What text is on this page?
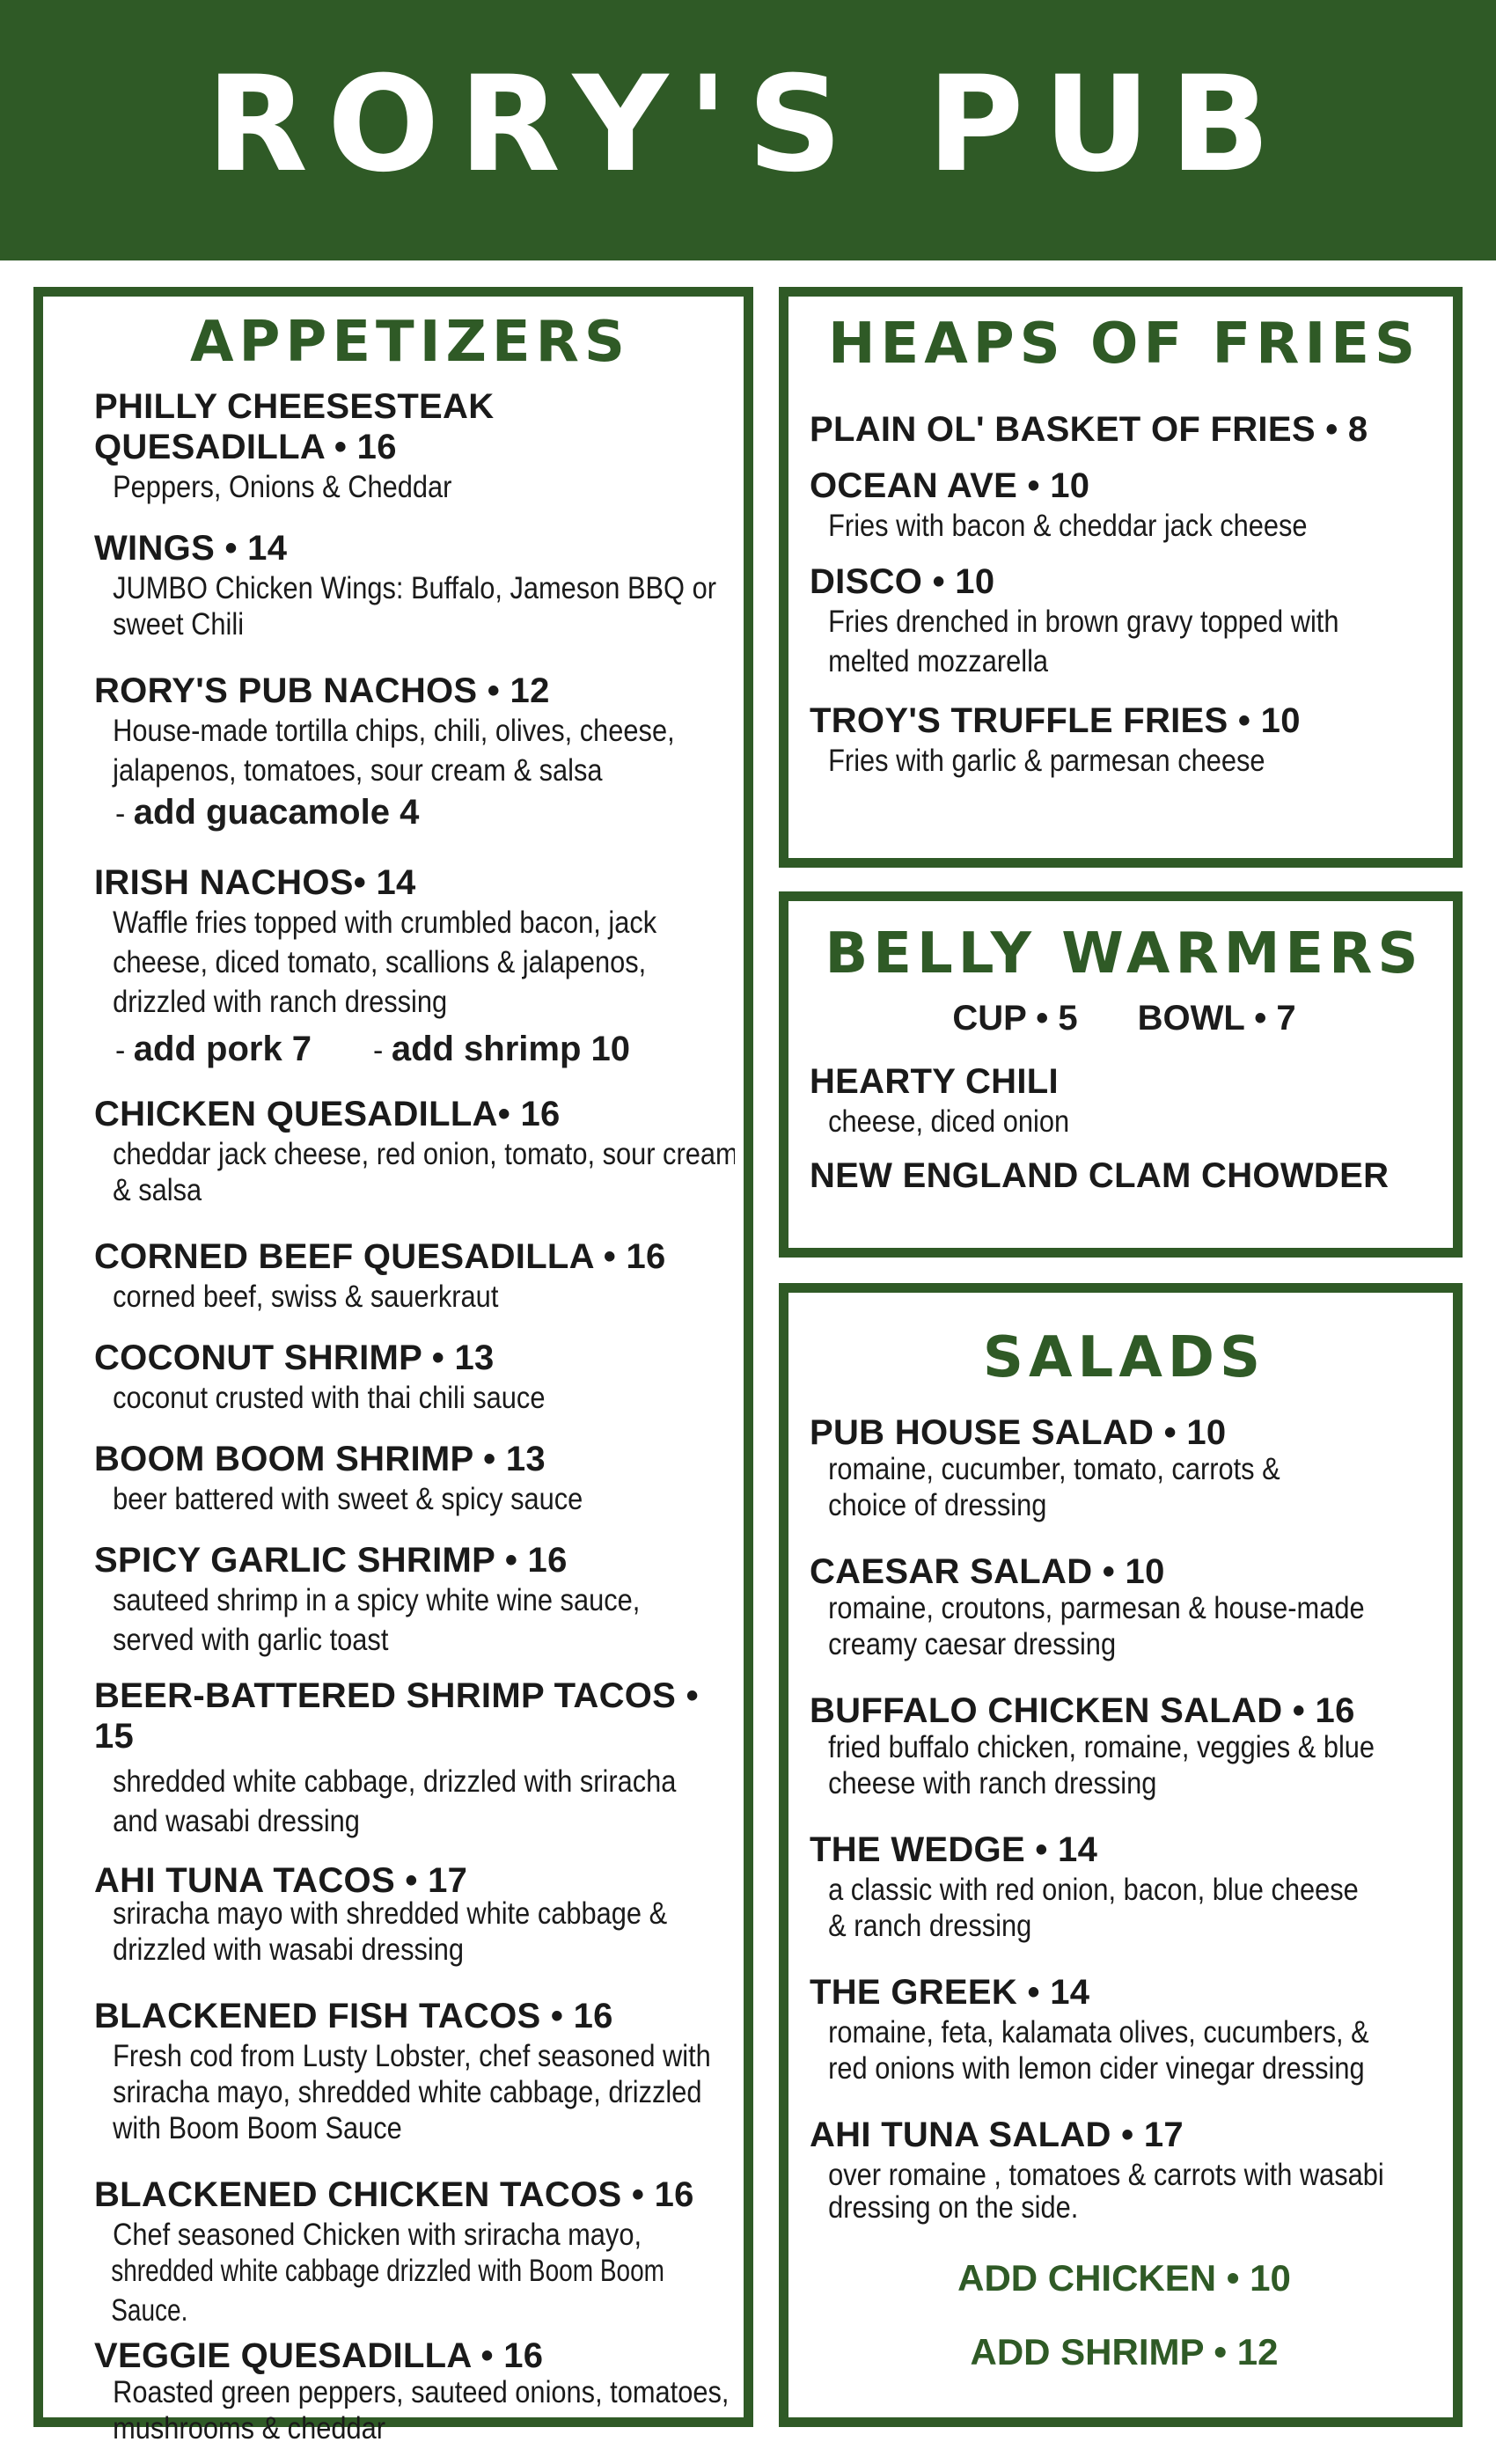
RORY'S PUB
APPETIZERS
PHILLY CHEESESTEAK
QUESADILLA • 16
Peppers, Onions & Cheddar
WINGS • 14
JUMBO Chicken Wings: Buffalo, Jameson BBQ or
sweet Chili
RORY'S PUB NACHOS • 12
House-made tortilla chips, chili, olives, cheese,
jalapenos, tomatoes, sour cream & salsa
- add guacamole 4
IRISH NACHOS• 14
Waffle fries topped with crumbled bacon, jack
cheese, diced tomato, scallions & jalapenos,
drizzled with ranch dressing
- add pork 7 - add shrimp 10
CHICKEN QUESADILLA• 16
cheddar jack cheese, red onion, tomato, sour cream
& salsa
CORNED BEEF QUESADILLA • 16
corned beef, swiss & sauerkraut
COCONUT SHRIMP • 13
coconut crusted with thai chili sauce
BOOM BOOM SHRIMP • 13
beer battered with sweet & spicy sauce
SPICY GARLIC SHRIMP • 16
sauteed shrimp in a spicy white wine sauce,
served with garlic toast
BEER-BATTERED SHRIMP TACOS • 15
shredded white cabbage, drizzled with sriracha
and wasabi dressing
AHI TUNA TACOS • 17
sriracha mayo with shredded white cabbage &
drizzled with wasabi dressing
BLACKENED FISH TACOS • 16
Fresh cod from Lusty Lobster, chef seasoned with
sriracha mayo, shredded white cabbage, drizzled
with Boom Boom Sauce
BLACKENED CHICKEN TACOS • 16
Chef seasoned Chicken with sriracha mayo,
shredded white cabbage drizzled with Boom Boom Sauce.
VEGGIE QUESADILLA • 16
Roasted green peppers, sauteed onions, tomatoes,
mushrooms & cheddar
HEAPS OF FRIES
PLAIN OL' BASKET OF FRIES • 8
OCEAN AVE • 10
Fries with bacon & cheddar jack cheese
DISCO • 10
Fries drenched in brown gravy topped with
melted mozzarella
TROY'S TRUFFLE FRIES • 10
Fries with garlic & parmesan cheese
BELLY WARMERS
CUP • 5 BOWL • 7
HEARTY CHILI
cheese, diced onion
NEW ENGLAND CLAM CHOWDER
SALADS
PUB HOUSE SALAD • 10
romaine, cucumber, tomato, carrots &
choice of dressing
CAESAR SALAD • 10
romaine, croutons, parmesan & house-made
creamy caesar dressing
BUFFALO CHICKEN SALAD • 16
fried buffalo chicken, romaine, veggies & blue
cheese with ranch dressing
THE WEDGE • 14
a classic with red onion, bacon, blue cheese
& ranch dressing
THE GREEK • 14
romaine, feta, kalamata olives, cucumbers, &
red onions with lemon cider vinegar dressing
AHI TUNA SALAD • 17
over romaine , tomatoes & carrots with wasabi
dressing on the side.
ADD CHICKEN • 10
ADD SHRIMP • 12
